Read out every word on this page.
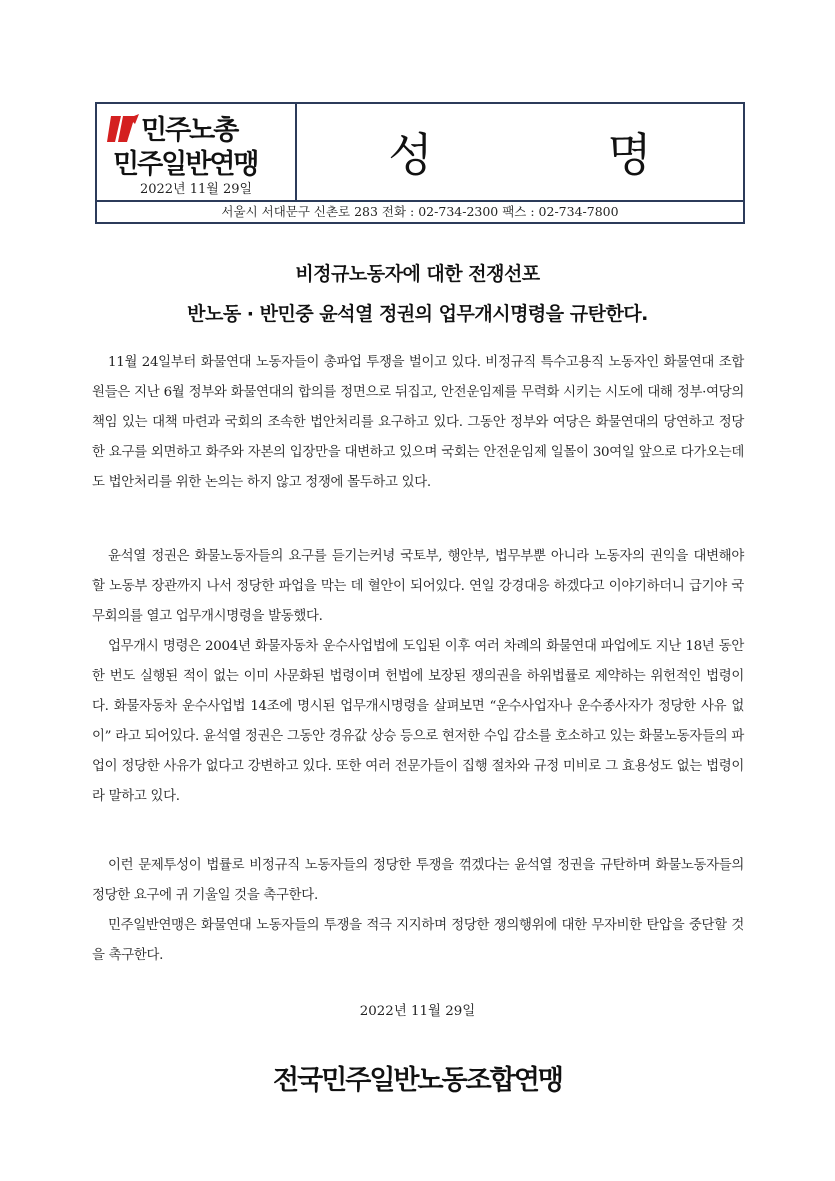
민주노총
민주일반연맹
2022년 11월 29일
성 명
서울시 서대문구 신촌로 283 전화 : 02-734-2300 팩스 : 02-734-7800
비정규노동자에 대한 전쟁선포
반노동 · 반민중 윤석열 정권의 업무개시명령을 규탄한다.

11월 24일부터 화물연대 노동자들이 총파업 투쟁을 벌이고 있다. 비정규직 특수고용직 노동자인 화물연대 조합원들은 지난 6월 정부와 화물연대의 합의를 정면으로 뒤집고, 안전운임제를 무력화 시키는 시도에 대해 정부·여당의 책임 있는 대책 마련과 국회의 조속한 법안처리를 요구하고 있다. 그동안 정부와 여당은 화물연대의 당연하고 정당한 요구를 외면하고 화주와 자본의 입장만을 대변하고 있으며 국회는 안전운임제 일몰이 30여일 앞으로 다가오는데도 법안처리를 위한 논의는 하지 않고 정쟁에 몰두하고 있다.

윤석열 정권은 화물노동자들의 요구를 듣기는커녕 국토부, 행안부, 법무부뿐 아니라 노동자의 권익을 대변해야 할 노동부 장관까지 나서 정당한 파업을 막는 데 혈안이 되어있다. 연일 강경대응 하겠다고 이야기하더니 급기야 국무회의를 열고 업무개시명령을 발동했다.

업무개시 명령은 2004년 화물자동차 운수사업법에 도입된 이후 여러 차례의 화물연대 파업에도 지난 18년 동안 한 번도 실행된 적이 없는 이미 사문화된 법령이며 헌법에 보장된 쟁의권을 하위법률로 제약하는 위헌적인 법령이다. 화물자동차 운수사업법 14조에 명시된 업무개시명령을 살펴보면 “운수사업자나 운수종사자가 정당한 사유 없이” 라고 되어있다. 윤석열 정권은 그동안 경유값 상승 등으로 현저한 수입 감소를 호소하고 있는 화물노동자들의 파업이 정당한 사유가 없다고 강변하고 있다. 또한 여러 전문가들이 집행 절차와 규정 미비로 그 효용성도 없는 법령이라 말하고 있다.

이런 문제투성이 법률로 비정규직 노동자들의 정당한 투쟁을 꺾겠다는 윤석열 정권을 규탄하며 화물노동자들의 정당한 요구에 귀 기울일 것을 촉구한다.

민주일반연맹은 화물연대 노동자들의 투쟁을 적극 지지하며 정당한 쟁의행위에 대한 무자비한 탄압을 중단할 것을 촉구한다.

2022년 11월 29일
전국민주일반노동조합연맹
